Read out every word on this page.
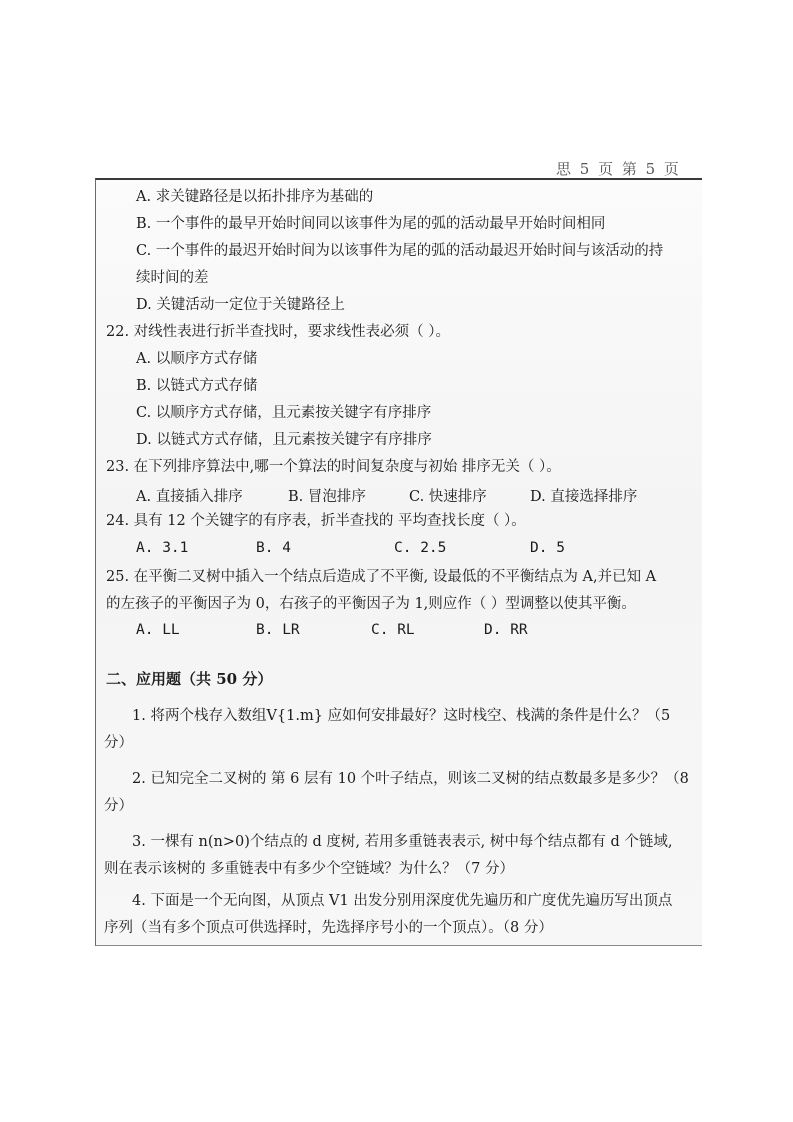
思 5 页 第 5 页
A. 求关键路径是以拓扑排序为基础的
B. 一个事件的最早开始时间同以该事件为尾的弧的活动最早开始时间相同
C. 一个事件的最迟开始时间为以该事件为尾的弧的活动最迟开始时间与该活动的持
续时间的差
D. 关键活动一定位于关键路径上
22. 对线性表进行折半查找时，要求线性表必须（ ）。
A. 以顺序方式存储
B. 以链式方式存储
C. 以顺序方式存储，且元素按关键字有序排序
D. 以链式方式存储，且元素按关键字有序排序
23. 在下列排序算法中,哪一个算法的时间复杂度与初始 排序无关（ ）。
A. 直接插入排序	B. 冒泡排序	C. 快速排序	D. 直接选择排序
24. 具有 12 个关键字的有序表，折半查找的 平均查找长度（ ）。
A. 3.1	B. 4	C. 2.5	D. 5
25. 在平衡二叉树中插入一个结点后造成了不平衡, 设最低的不平衡结点为 A,并已知 A
的左孩子的平衡因子为 0，右孩子的平衡因子为 1,则应作（ ）型调整以使其平衡。
A. LL	B. LR	C. RL	D. RR
二、应用题（共 50 分）
1. 将两个栈存入数组V{1.m} 应如何安排最好？这时栈空、栈满的条件是什么？（5
分）
2. 已知完全二叉树的 第 6 层有 10 个叶子结点，则该二叉树的结点数最多是多少？（8
分）
3. 一棵有 n(n>0)个结点的 d 度树, 若用多重链表表示, 树中每个结点都有 d 个链域,
则在表示该树的 多重链表中有多少个空链域？为什么？（7 分）
4. 下面是一个无向图，从顶点 V1 出发分别用深度优先遍历和广度优先遍历写出顶点
序列（当有多个顶点可供选择时，先选择序号小的一个顶点）。（8 分）
